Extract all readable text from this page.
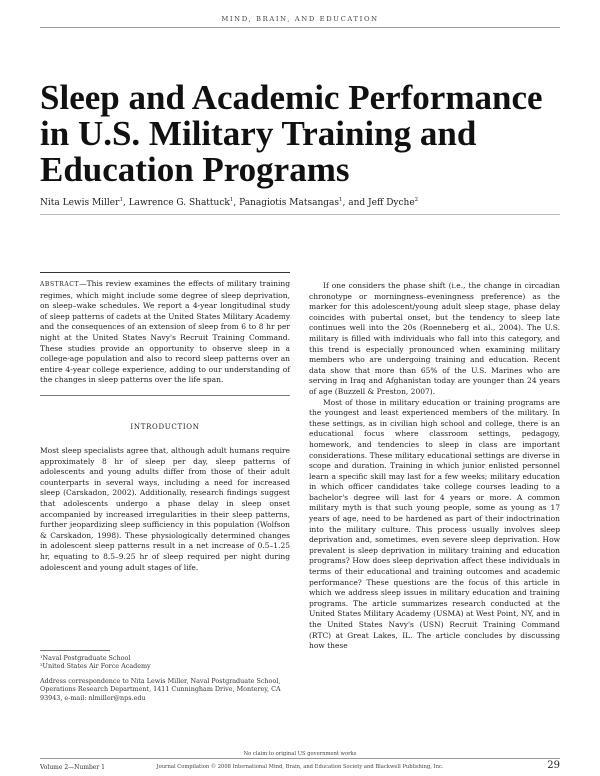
MIND, BRAIN, AND EDUCATION
Sleep and Academic Performance in U.S. Military Training and Education Programs
Nita Lewis Miller$^1$, Lawrence G. Shattuck$^1$, Panagiotis Matsangas$^1$, and Jeff Dyche$^2$
ABSTRACT—This review examines the effects of military training regimes, which might include some degree of sleep deprivation, on sleep–wake schedules. We report a 4-year longitudinal study of sleep patterns of cadets at the United States Military Academy and the consequences of an extension of sleep from 6 to 8 hr per night at the United States Navy's Recruit Training Command. These studies provide an opportunity to observe sleep in a college-age population and also to record sleep patterns over an entire 4-year college experience, adding to our understanding of the changes in sleep patterns over the life span.
INTRODUCTION

Most sleep specialists agree that, although adult humans require approximately 8 hr of sleep per day, sleep patterns of adolescents and young adults differ from those of their adult counterparts in several ways, including a need for increased sleep (Carskadon, 2002). Additionally, research findings suggest that adolescents undergo a phase delay in sleep onset accompanied by increased irregularities in their sleep patterns, further jeopardizing sleep sufficiency in this population (Wolfson & Carskadon, 1998). These physiologically determined changes in adolescent sleep patterns result in a net increase of 0.5–1.25 hr, equating to 8.5–9.25 hr of sleep required per night during adolescent and young adult stages of life.

If one considers the phase shift (i.e., the change in circadian chronotype or morningness–eveningness preference) as the marker for this adolescent/young adult sleep stage, phase delay coincides with pubertal onset, but the tendency to sleep late continues well into the 20s (Roenneberg et al., 2004). The U.S. military is filled with individuals who fall into this category, and this trend is especially pronounced when examining military members who are undergoing training and education. Recent data show that more than 65% of the U.S. Marines who are serving in Iraq and Afghanistan today are younger than 24 years of age (Buzzell & Preston, 2007).

Most of those in military education or training programs are the youngest and least experienced members of the military. In these settings, as in civilian high school and college, there is an educational focus where classroom settings, pedagogy, homework, and tendencies to sleep in class are important considerations. These military educational settings are diverse in scope and duration. Training in which junior enlisted personnel learn a specific skill may last for a few weeks; military education in which officer candidates take college courses leading to a bachelor's degree will last for 4 years or more. A common military myth is that such young people, some as young as 17 years of age, need to be hardened as part of their indoctrination into the military culture. This process usually involves sleep deprivation and, sometimes, even severe sleep deprivation. How prevalent is sleep deprivation in military training and education programs? How does sleep deprivation affect these individuals in terms of their educational and training outcomes and academic performance? These questions are the focus of this article in which we address sleep issues in military education and training programs. The article summarizes research conducted at the United States Military Academy (USMA) at West Point, NY, and in the United States Navy's (USN) Recruit Training Command (RTC) at Great Lakes, IL. The article concludes by discussing how these

¹Naval Postgraduate School
²United States Air Force Academy
Address correspondence to Nita Lewis Miller, Naval Postgraduate School, Operations Research Department, 1411 Cunningham Drive, Monterey, CA 93943, e-mail: nlmiller@nps.edu
No claim to original US government works
Volume 2—Number 1	Journal Compilation © 2008 International Mind, Brain, and Education Society and Blackwell Publishing, Inc.	29
